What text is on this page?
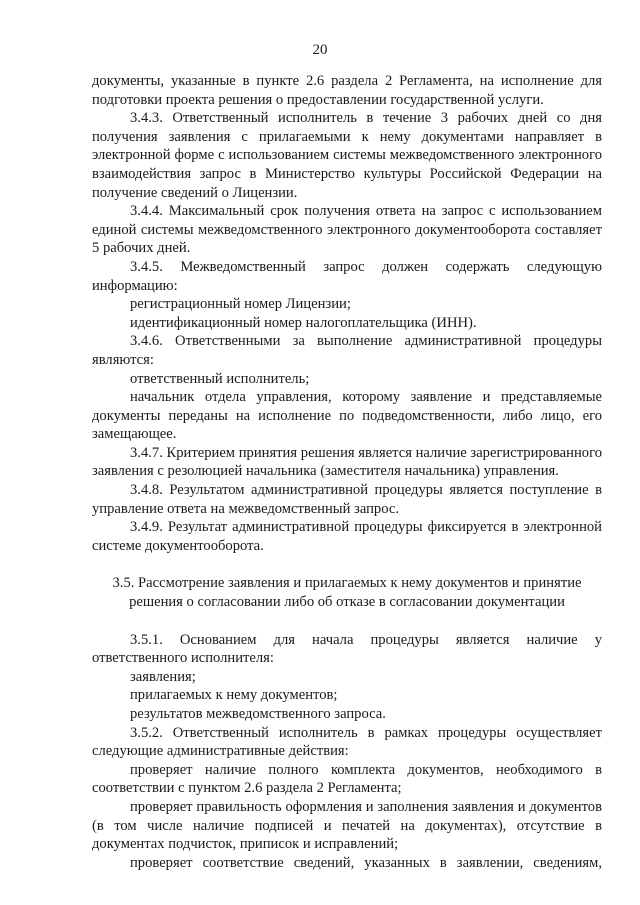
20

документы, указанные в пункте 2.6 раздела 2 Регламента, на исполнение для подготовки проекта решения о предоставлении государственной услуги.

3.4.3. Ответственный исполнитель в течение 3 рабочих дней со дня получения заявления с прилагаемыми к нему документами направляет в электронной форме с использованием системы межведомственного электронного взаимодействия запрос в Министерство культуры Российской Федерации на получение сведений о Лицензии.

3.4.4. Максимальный срок получения ответа на запрос с использованием единой системы межведомственного электронного документооборота составляет 5 рабочих дней.

3.4.5. Межведомственный запрос должен содержать следующую информацию:

регистрационный номер Лицензии;

идентификационный номер налогоплательщика (ИНН).

3.4.6. Ответственными за выполнение административной процедуры являются:

ответственный исполнитель;

начальник отдела управления, которому заявление и представляемые документы переданы на исполнение по подведомственности, либо лицо, его замещающее.

3.4.7. Критерием принятия решения является наличие зарегистрированного заявления с резолюцией начальника (заместителя начальника) управления.

3.4.8. Результатом административной процедуры является поступление в управление ответа на межведомственный запрос.

3.4.9. Результат административной процедуры фиксируется в электронной системе документооборота.

3.5. Рассмотрение заявления и прилагаемых к нему документов и принятие
решения о согласовании либо об отказе в согласовании документации

3.5.1. Основанием для начала процедуры является наличие у ответственного исполнителя:

заявления;

прилагаемых к нему документов;

результатов межведомственного запроса.

3.5.2. Ответственный исполнитель в рамках процедуры осуществляет следующие административные действия:

проверяет наличие полного комплекта документов, необходимого в соответствии с пунктом 2.6 раздела 2 Регламента;

проверяет правильность оформления и заполнения заявления и документов (в том числе наличие подписей и печатей на документах), отсутствие в документах подчисток, приписок и исправлений;

проверяет соответствие сведений, указанных в заявлении, сведениям,
